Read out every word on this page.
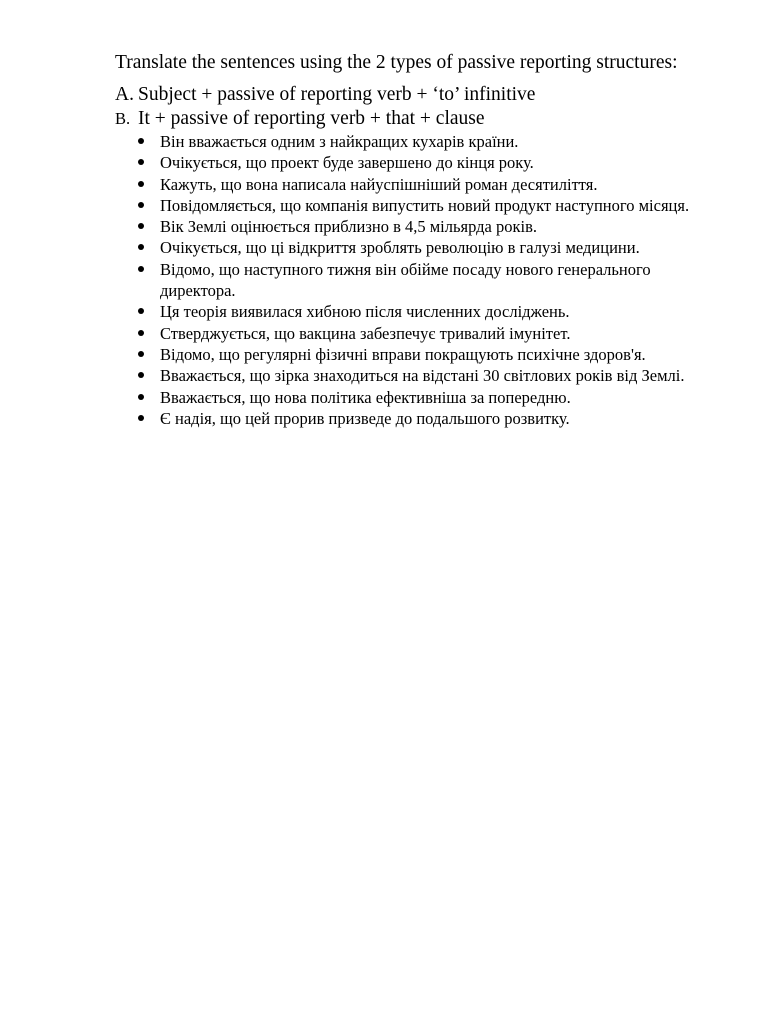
Translate the sentences using the 2 types of passive reporting structures:

A. Subject + passive of reporting verb + ‘to’ infinitive
B. It + passive of reporting verb + that + clause
Він вважається одним з найкращих кухарів країни.
Очікується, що проект буде завершено до кінця року.
Кажуть, що вона написала найуспішніший роман десятиліття.
Повідомляється, що компанія випустить новий продукт наступного місяця.
Вік Землі оцінюється приблизно в 4,5 мільярда років.
Очікується, що ці відкриття зроблять революцію в галузі медицини.
Відомо, що наступного тижня він обійме посаду нового генерального директора.
Ця теорія виявилася хибною після численних досліджень.
Стверджується, що вакцина забезпечує тривалий імунітет.
Відомо, що регулярні фізичні вправи покращують психічне здоров'я.
Вважається, що зірка знаходиться на відстані 30 світлових років від Землі.
Вважається, що нова політика ефективніша за попередню.
Є надія, що цей прорив призведе до подальшого розвитку.
